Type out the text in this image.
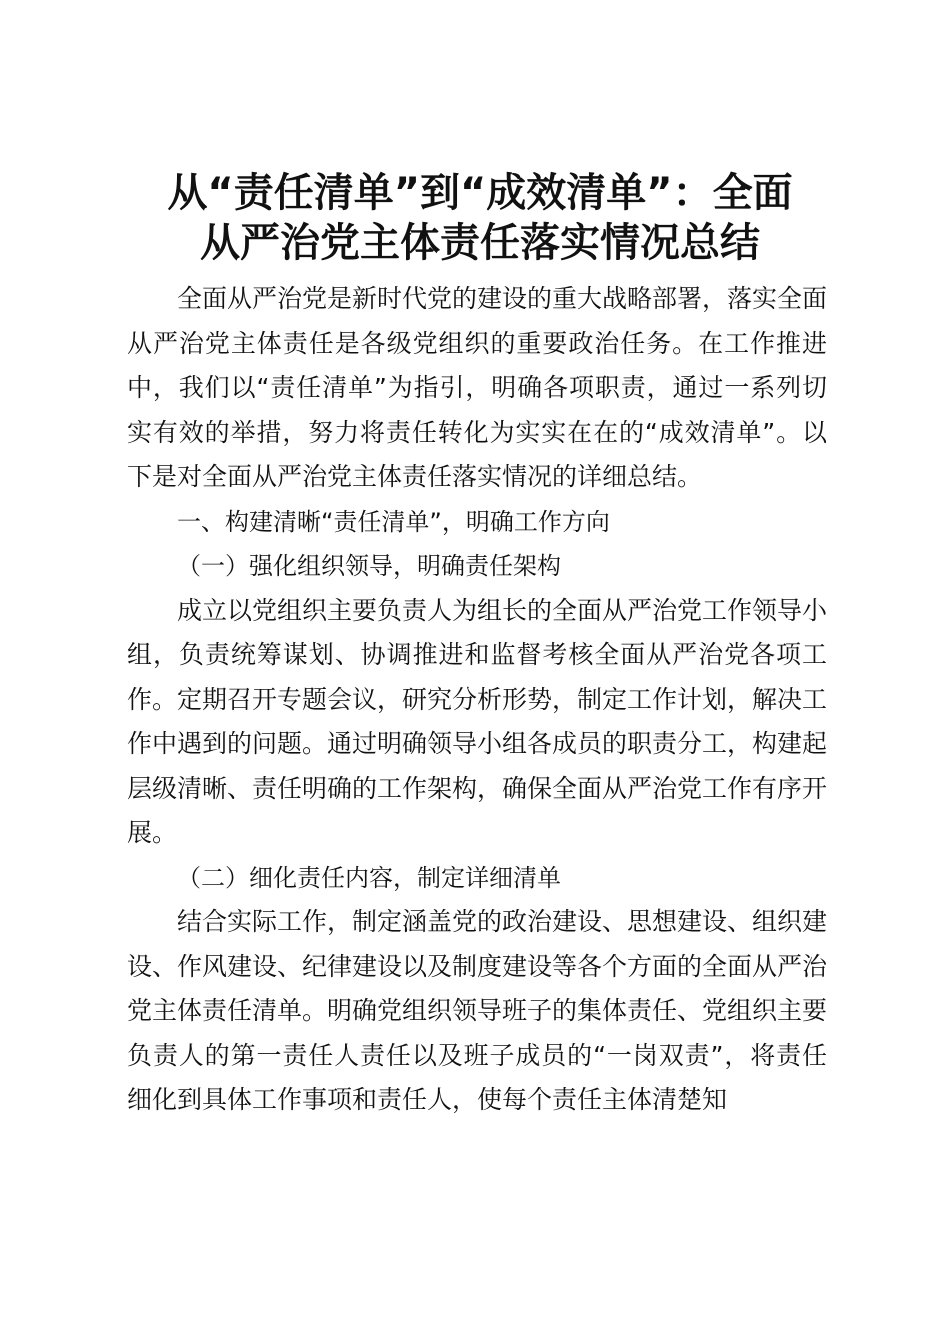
从“责任清单”到“成效清单”：全面
从严治党主体责任落实情况总结

全面从严治党是新时代党的建设的重大战略部署，落实全面从严治党主体责任是各级党组织的重要政治任务。在工作推进中，我们以“责任清单”为指引，明确各项职责，通过一系列切实有效的举措，努力将责任转化为实实在在的“成效清单”。以下是对全面从严治党主体责任落实情况的详细总结。

一、构建清晰“责任清单”，明确工作方向

（一）强化组织领导，明确责任架构

成立以党组织主要负责人为组长的全面从严治党工作领导小组，负责统筹谋划、协调推进和监督考核全面从严治党各项工作。定期召开专题会议，研究分析形势，制定工作计划，解决工作中遇到的问题。通过明确领导小组各成员的职责分工，构建起层级清晰、责任明确的工作架构，确保全面从严治党工作有序开展。

（二）细化责任内容，制定详细清单

结合实际工作，制定涵盖党的政治建设、思想建设、组织建设、作风建设、纪律建设以及制度建设等各个方面的全面从严治党主体责任清单。明确党组织领导班子的集体责任、党组织主要负责人的第一责任人责任以及班子成员的“一岗双责”，将责任细化到具体工作事项和责任人，使每个责任主体清楚知
